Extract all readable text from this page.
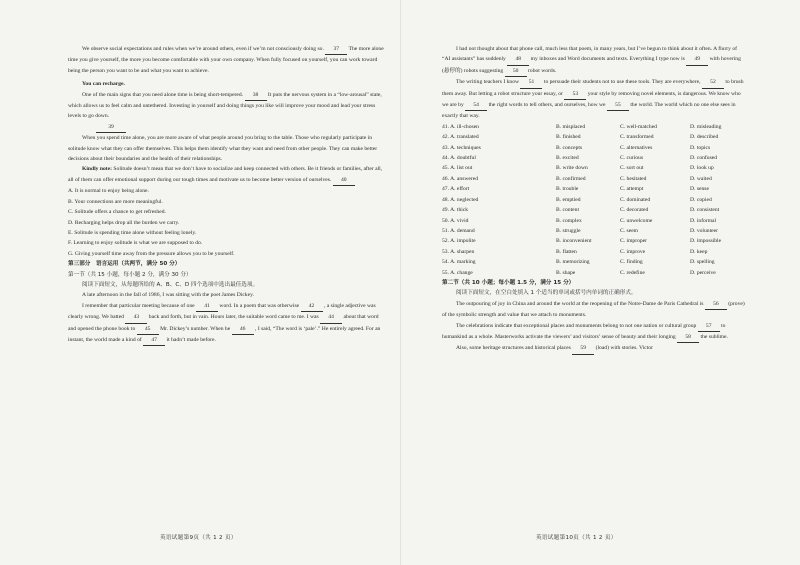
We observe social expectations and rules when we’re around others, even if we’m not consciously doing so. 37 The more alone time you give yourself, the more you become comfortable with your own company. When fully focused on yourself, you can work toward being the person you want to be and what you want to achieve.

You can recharge.

One of the main signs that you need alone time is being short-tempered. 38 It puts the nervous system in a “low-arousal” state, which allows us to feel calm and untethered. Investing in yourself and doing things you like will improve your mood and lead your stress levels to go down.

39

When you spend time alone, you are more aware of what people around you bring to the table. Those who regularly participate in solitude know what they can offer themselves. This helps them identify what they want and need from other people. They can make better decisions about their boundaries and the health of their relationships.

Kindly note: Solitude doesn’t mean that we don’t have to socialize and keep connected with others. Be it friends or families, after all, all of them can offer emotional support during our tough times and motivate us to become better version of ourselves. 40

A. It is normal to enjoy being alone.
B. Your connections are more meaningful.
C. Solitude offers a chance to get refreshed.
D. Recharging helps drop all the burden we carry.
E. Solitude is spending time alone without feeling lonely.
F. Learning to enjoy solitude is what we are supposed to do.
G. Giving yourself time away from the pressure allows you to be yourself.

第三部分　语言运用（共两节，满分 50 分）

第一节（共 15 小题，每小题 2 分，满分 30 分）

阅读下面短文，从每题所给的 A、B、C、D 四个选项中选出最佳选项。

A late afternoon in the fall of 1986, I was sitting with the poet James Dickey.

I remember that particular meeting because of one 41 word. In a poem that was otherwise 42 , a single adjective was clearly wrong. We batted 43 back and forth, but in vain. Hours later, the suitable word came to me. I was 44 about that word and opened the phone book to 45 Mr. Dickey’s number. When he 46 , I said, “The word is ‘pale’.” He entirely agreed. For an instant, the world made a kind of 47 it hadn’t made before.

英语试题第9页（共 1 2 页）

I had not thought about that phone call, much less that poem, in many years, but I’ve begun to think about it often. A flurry of “AI assistants” has suddenly 48 my inboxes and Word documents and texts. Everything I type now is 49 with hovering (悬停的) robots suggesting 50 robot words.

The writing teachers I know 51 to persuade their students not to use these tools. They are everywhere, 52 to brush them away. But letting a robot structure your essay, or 53 your style by removing novel elements, is dangerous. We know who we are by 54 the right words to tell others, and ourselves, how we 55 the world. The world which no one else sees in exactly that way.

41. A. ill-chosen	B. misplaced	C. well-matched	D. misleading
42. A. translated	B. finished	C. transformed	D. described
43. A. techniques	B. concepts	C. alternatives	D. topics
44. A. doubtful	B. excited	C. curious	D. confused
45. A. list out	B. write down	C. sort out	D. look up
46. A. answered	B. confirmed	C. hesitated	D. waited
47. A. effort	B. trouble	C. attempt	D. sense
48. A. neglected	B. emptied	C. dominated	D. copied
49. A. thick	B. content	C. decorated	D. consistent
50. A. vivid	B. complex	C. unwelcome	D. informal
51. A. demand	B. struggle	C. seem	D. volunteer
52. A. impolite	B. inconvenient	C. improper	D. impossible
53. A. sharpen	B. flatten	C. improve	D. keep
54. A. marking	B. memorizing	C. finding	D. spelling
55. A. change	B. shape	C. redefine	D. perceive

第二节（共 10 小题；每小题 1.5 分，满分 15 分）

阅读下面短文，在空白处填入 1 个适当的单词或括号内单词的正确形式。

The outpouring of joy in China and around the world at the reopening of the Notre-Dame de Paris Cathedral is 56 (prove) of the symbolic strength and value that we attach to monuments.

The celebrations indicate that exceptional places and monuments belong to not one nation or cultural group 57 to humankind as a whole. Masterworks activate the viewers’ and visitors’ sense of beauty and their longing 58 the sublime.

Also, some heritage structures and historical places 59 (load) with stories. Victor

英语试题第10页（共 1 2 页）
